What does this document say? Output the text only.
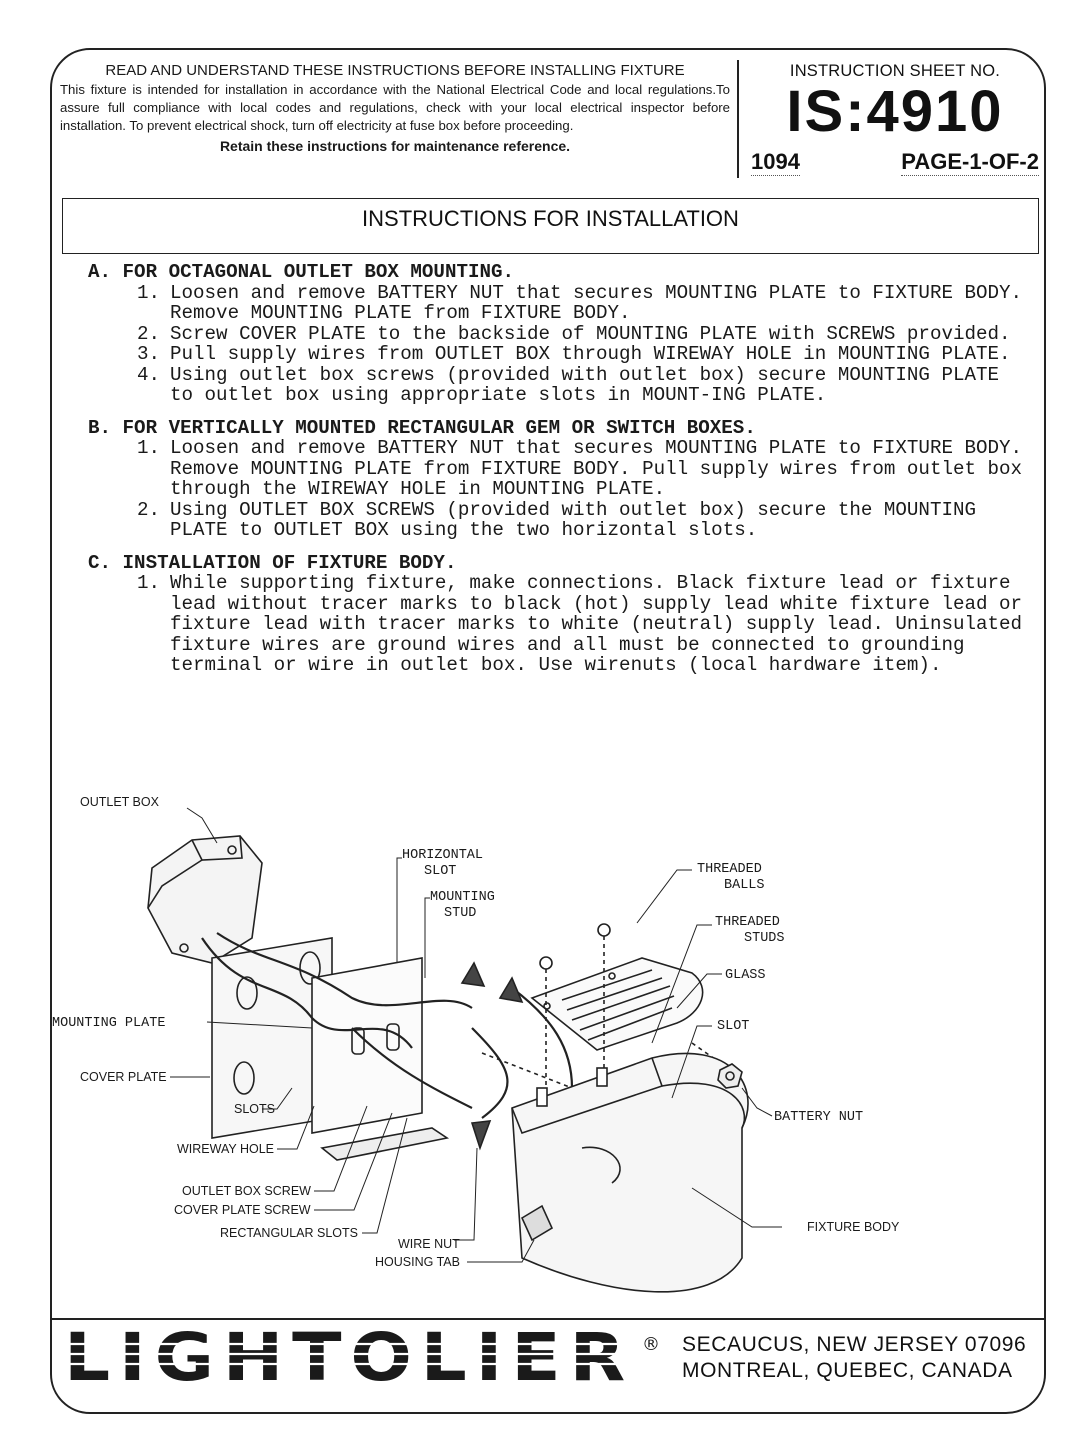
READ AND UNDERSTAND THESE INSTRUCTIONS BEFORE INSTALLING FIXTURE
This fixture is intended for installation in accordance with the National Electrical Code and local regulations.To assure full compliance with local codes and regulations, check with your local electrical inspector before installation. To prevent electrical shock, turn off electricity at fuse box before proceeding.
Retain these instructions for maintenance reference.
INSTRUCTION SHEET NO.
IS:4910
1094	PAGE-1-OF-2
INSTRUCTIONS FOR INSTALLATION
A. FOR OCTAGONAL OUTLET BOX MOUNTING.
1. Loosen and remove BATTERY NUT that secures MOUNTING PLATE to FIXTURE BODY. Remove MOUNTING PLATE from FIXTURE BODY.
2. Screw COVER PLATE to the backside of MOUNTING PLATE with SCREWS provided.
3. Pull supply wires from OUTLET BOX through WIREWAY HOLE in MOUNTING PLATE.
4. Using outlet box screws (provided with outlet box) secure MOUNTING PLATE to outlet box using appropriate slots in MOUNT-ING PLATE.
B. FOR VERTICALLY MOUNTED RECTANGULAR GEM OR SWITCH BOXES.
1. Loosen and remove BATTERY NUT that secures MOUNTING PLATE to FIXTURE BODY. Remove MOUNTING PLATE from FIXTURE BODY. Pull supply wires from outlet box through the WIREWAY HOLE in MOUNTING PLATE.
2. Using OUTLET BOX SCREWS (provided with outlet box) secure the MOUNTING PLATE to OUTLET BOX using the two horizontal slots.
C. INSTALLATION OF FIXTURE BODY.
1. While supporting fixture, make connections. Black fixture lead or fixture lead without tracer marks to black (hot) supply lead white fixture lead or fixture lead with tracer marks to white (neutral) supply lead. Uninsulated fixture wires are ground wires and all must be connected to grounding terminal or wire in outlet box. Use wirenuts (local hardware item).
OUTLET BOX
HORIZONTAL
SLOT
MOUNTING
STUD
THREADED
BALLS
THREADED
STUDS
GLASS
SLOT
MOUNTING PLATE
COVER PLATE
SLOTS
BATTERY NUT
WIREWAY HOLE
OUTLET BOX SCREW
COVER PLATE SCREW
RECTANGULAR SLOTS
WIRE NUT
HOUSING TAB
FIXTURE BODY
LIGHTOLIER ® SECAUCUS, NEW JERSEY 07096
MONTREAL, QUEBEC, CANADA
